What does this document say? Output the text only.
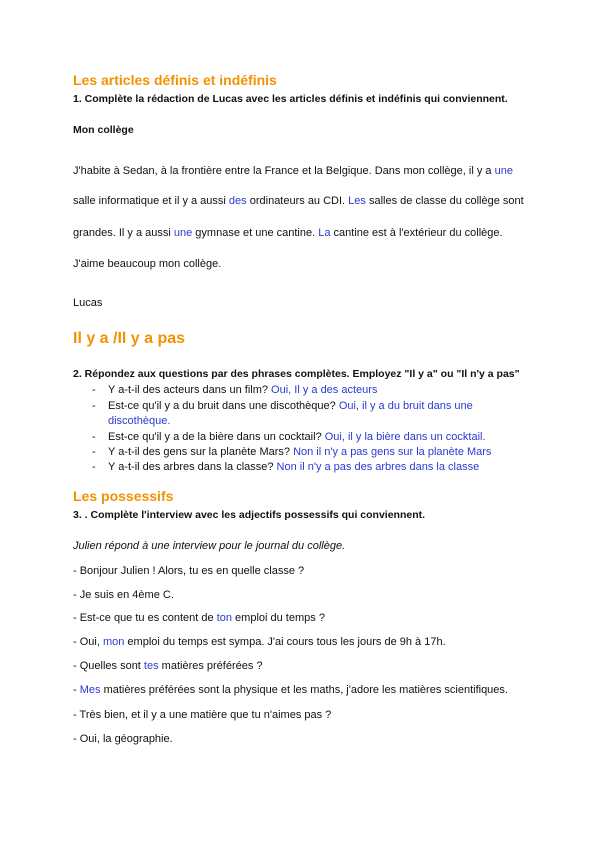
Les articles définis et indéfinis
1. Complète la rédaction de Lucas avec les articles définis et indéfinis qui conviennent.
Mon collège
J'habite à Sedan, à la frontière entre la France et la Belgique. Dans mon collège, il y a une
salle informatique et il y a aussi des ordinateurs au CDI. Les salles de classe du collège sont
grandes. Il y a aussi une gymnase et une cantine. La cantine est à l'extérieur du collège.
J'aime beaucoup mon collège.
Lucas
Il y a /Il y a pas
2. Répondez aux questions par des phrases complètes. Employez "Il y a" ou "Il n'y a pas"
- Y a-t-il des acteurs dans un film? Oui, Il y a des acteurs
- Est-ce qu'il y a du bruit dans une discothèque? Oui, il y a du bruit dans une
discothèque.
- Est-ce qu'il y a de la bière dans un cocktail? Oui, il y la bière dans un cocktail.
- Y a-t-il des gens sur la planète Mars? Non il n'y a pas gens sur la planète Mars
- Y a-t-il des arbres dans la classe? Non il n'y a pas des arbres dans la classe
Les possessifs
3. . Complète l'interview avec les adjectifs possessifs qui conviennent.
Julien répond à une interview pour le journal du collège.
- Bonjour Julien ! Alors, tu es en quelle classe ?
- Je suis en 4ème C.
- Est-ce que tu es content de ton emploi du temps ?
- Oui, mon emploi du temps est sympa. J'ai cours tous les jours de 9h à 17h.
- Quelles sont tes matières préférées ?
- Mes matières préférées sont la physique et les maths, j'adore les matières scientifiques.
- Très bien, et il y a une matière que tu n'aimes pas ?
- Oui, la géographie.
